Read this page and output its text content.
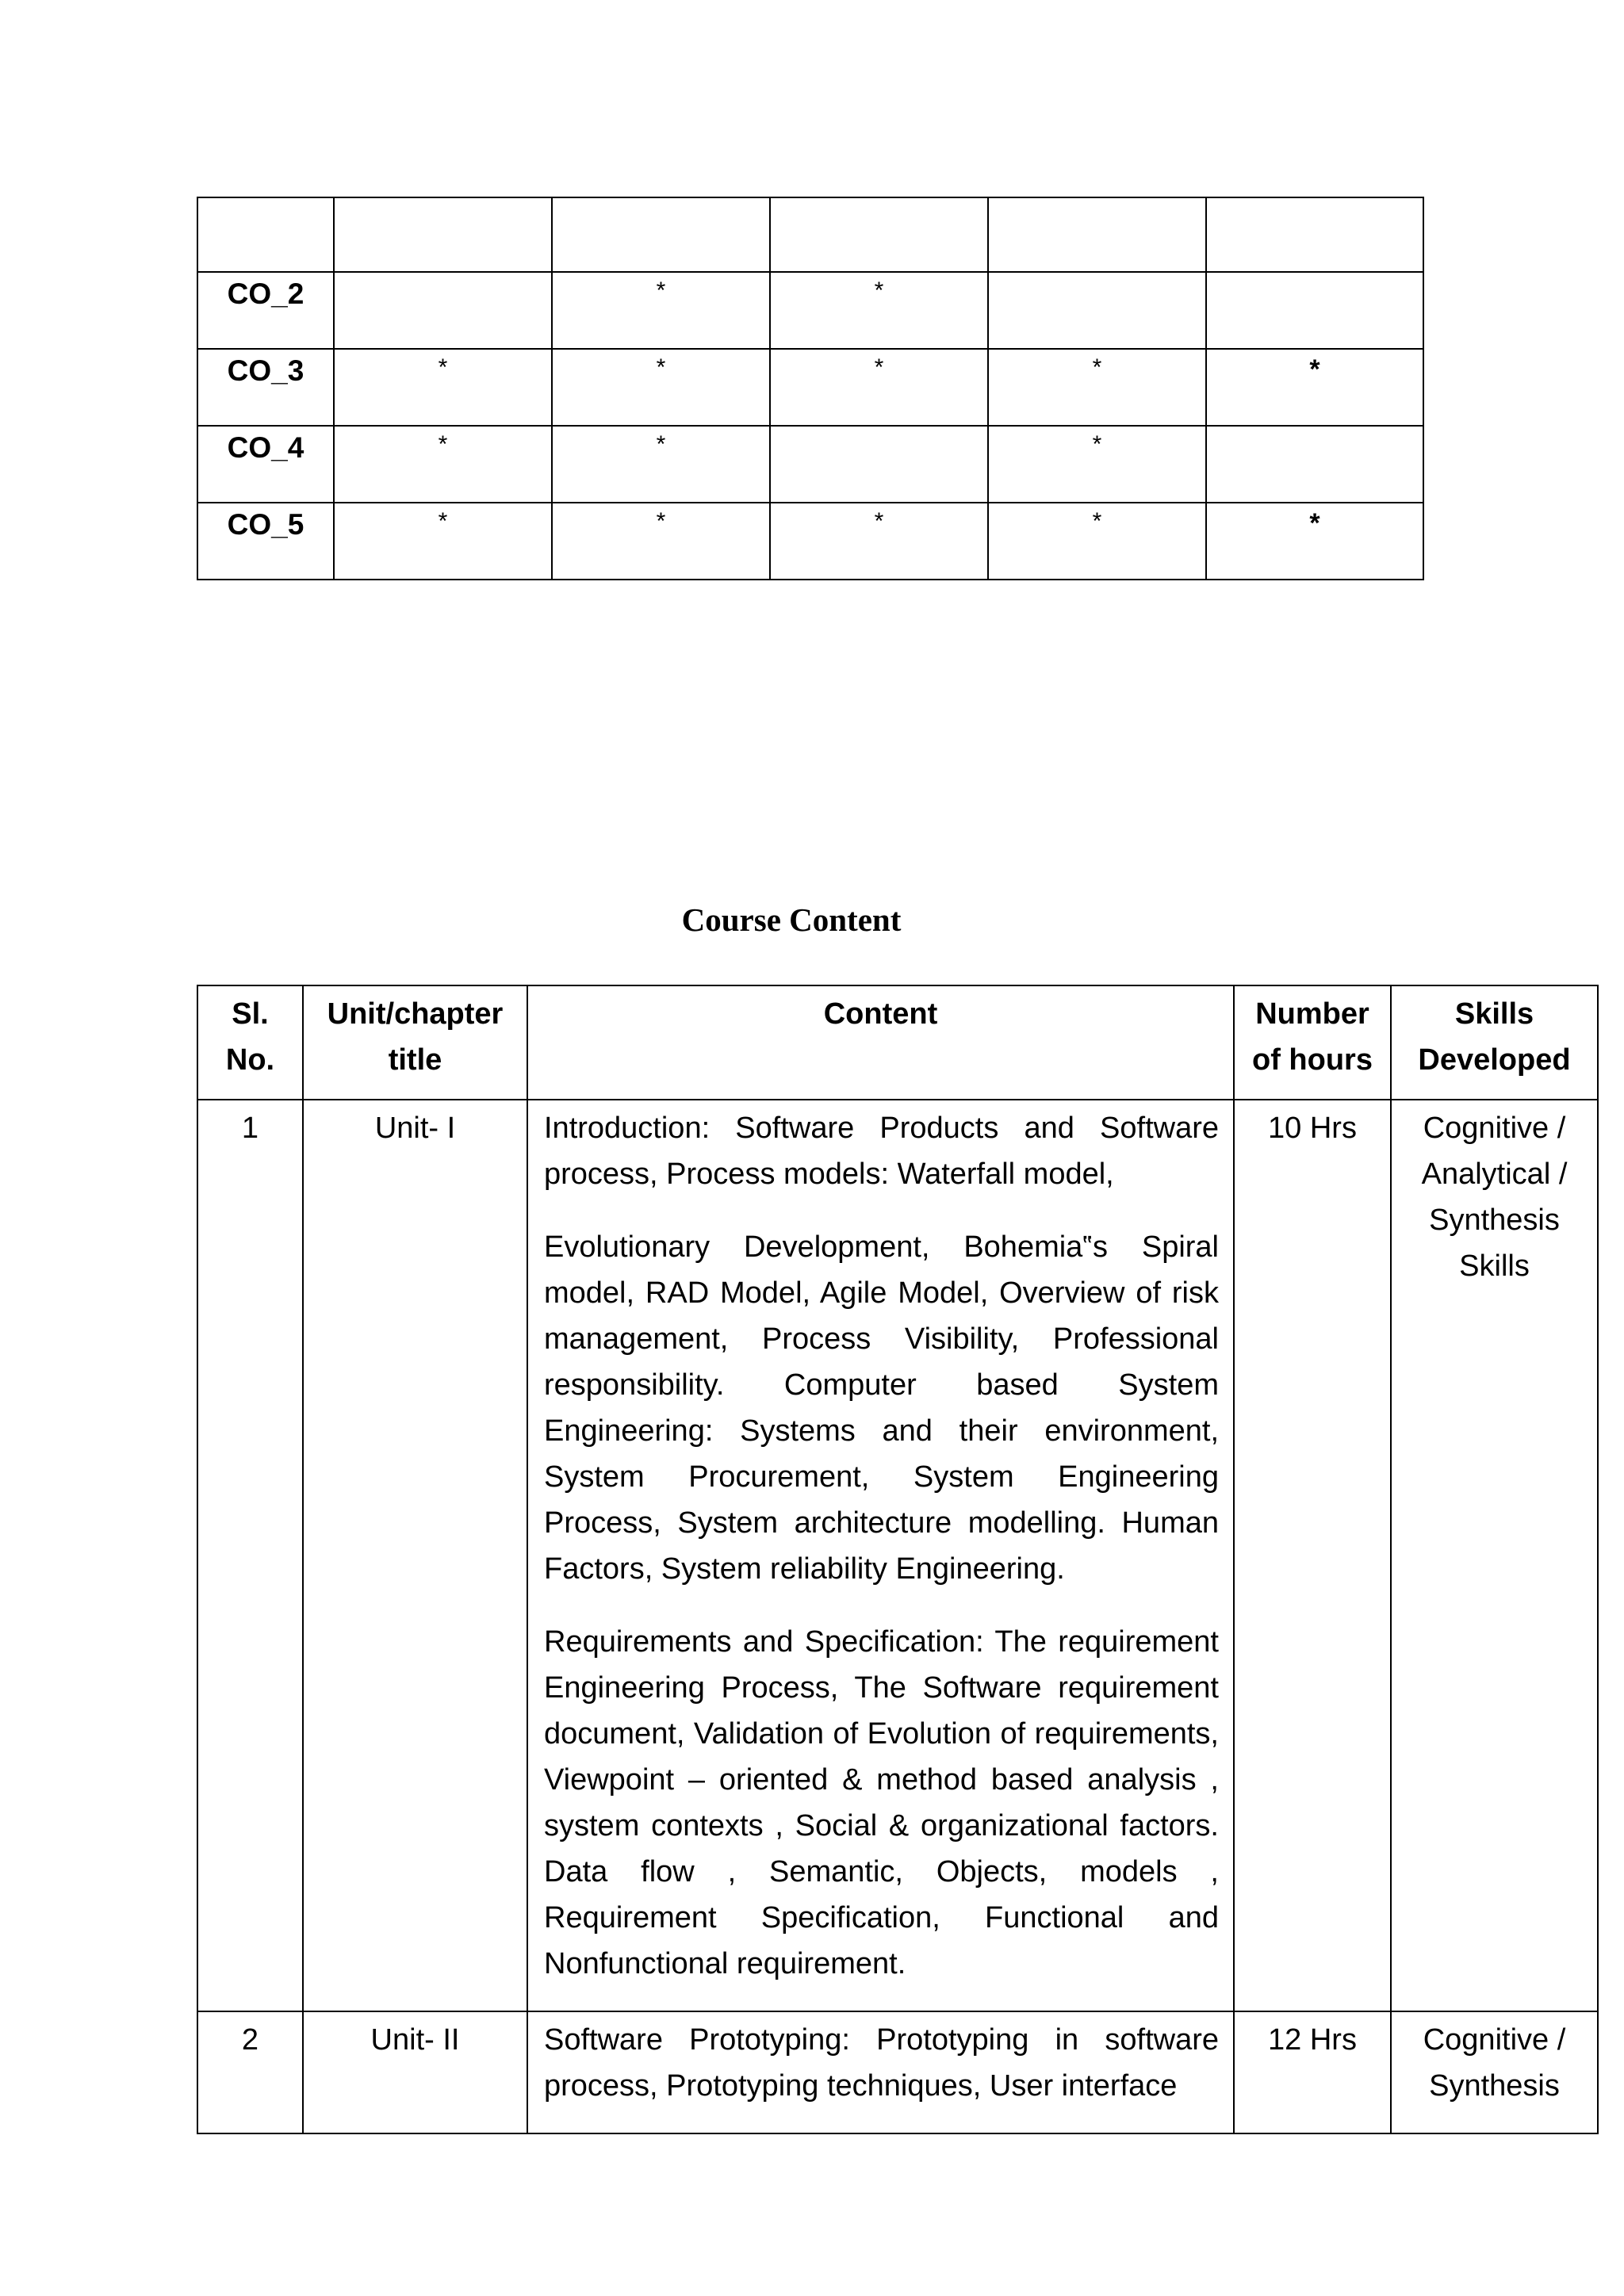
CO_2		*	*		
CO_3	*	*	*	*	*
CO_4	*	*		*	
CO_5	*	*	*	*	*
Course Content
Sl. No.	Unit/chapter title	Content	Number of hours	Skills Developed
1	Unit- I	Introduction: Software Products and Software process, Process models: Waterfall model,

Evolutionary Development, Bohemia‟s Spiral model, RAD Model, Agile Model, Overview of risk management, Process Visibility, Professional responsibility. Computer based System Engineering: Systems and their environment, System Procurement, System Engineering Process, System architecture modelling. Human Factors, System reliability Engineering.

Requirements and Specification: The requirement Engineering Process, The Software requirement document, Validation of Evolution of requirements, Viewpoint – oriented & method based analysis , system contexts , Social & organizational factors. Data flow , Semantic, Objects, models , Requirement Specification, Functional and Nonfunctional requirement.	10 Hrs	Cognitive / Analytical / Synthesis Skills

2	Unit- II	Software Prototyping: Prototyping in software process, Prototyping techniques, User interface	12 Hrs	Cognitive / Synthesis
